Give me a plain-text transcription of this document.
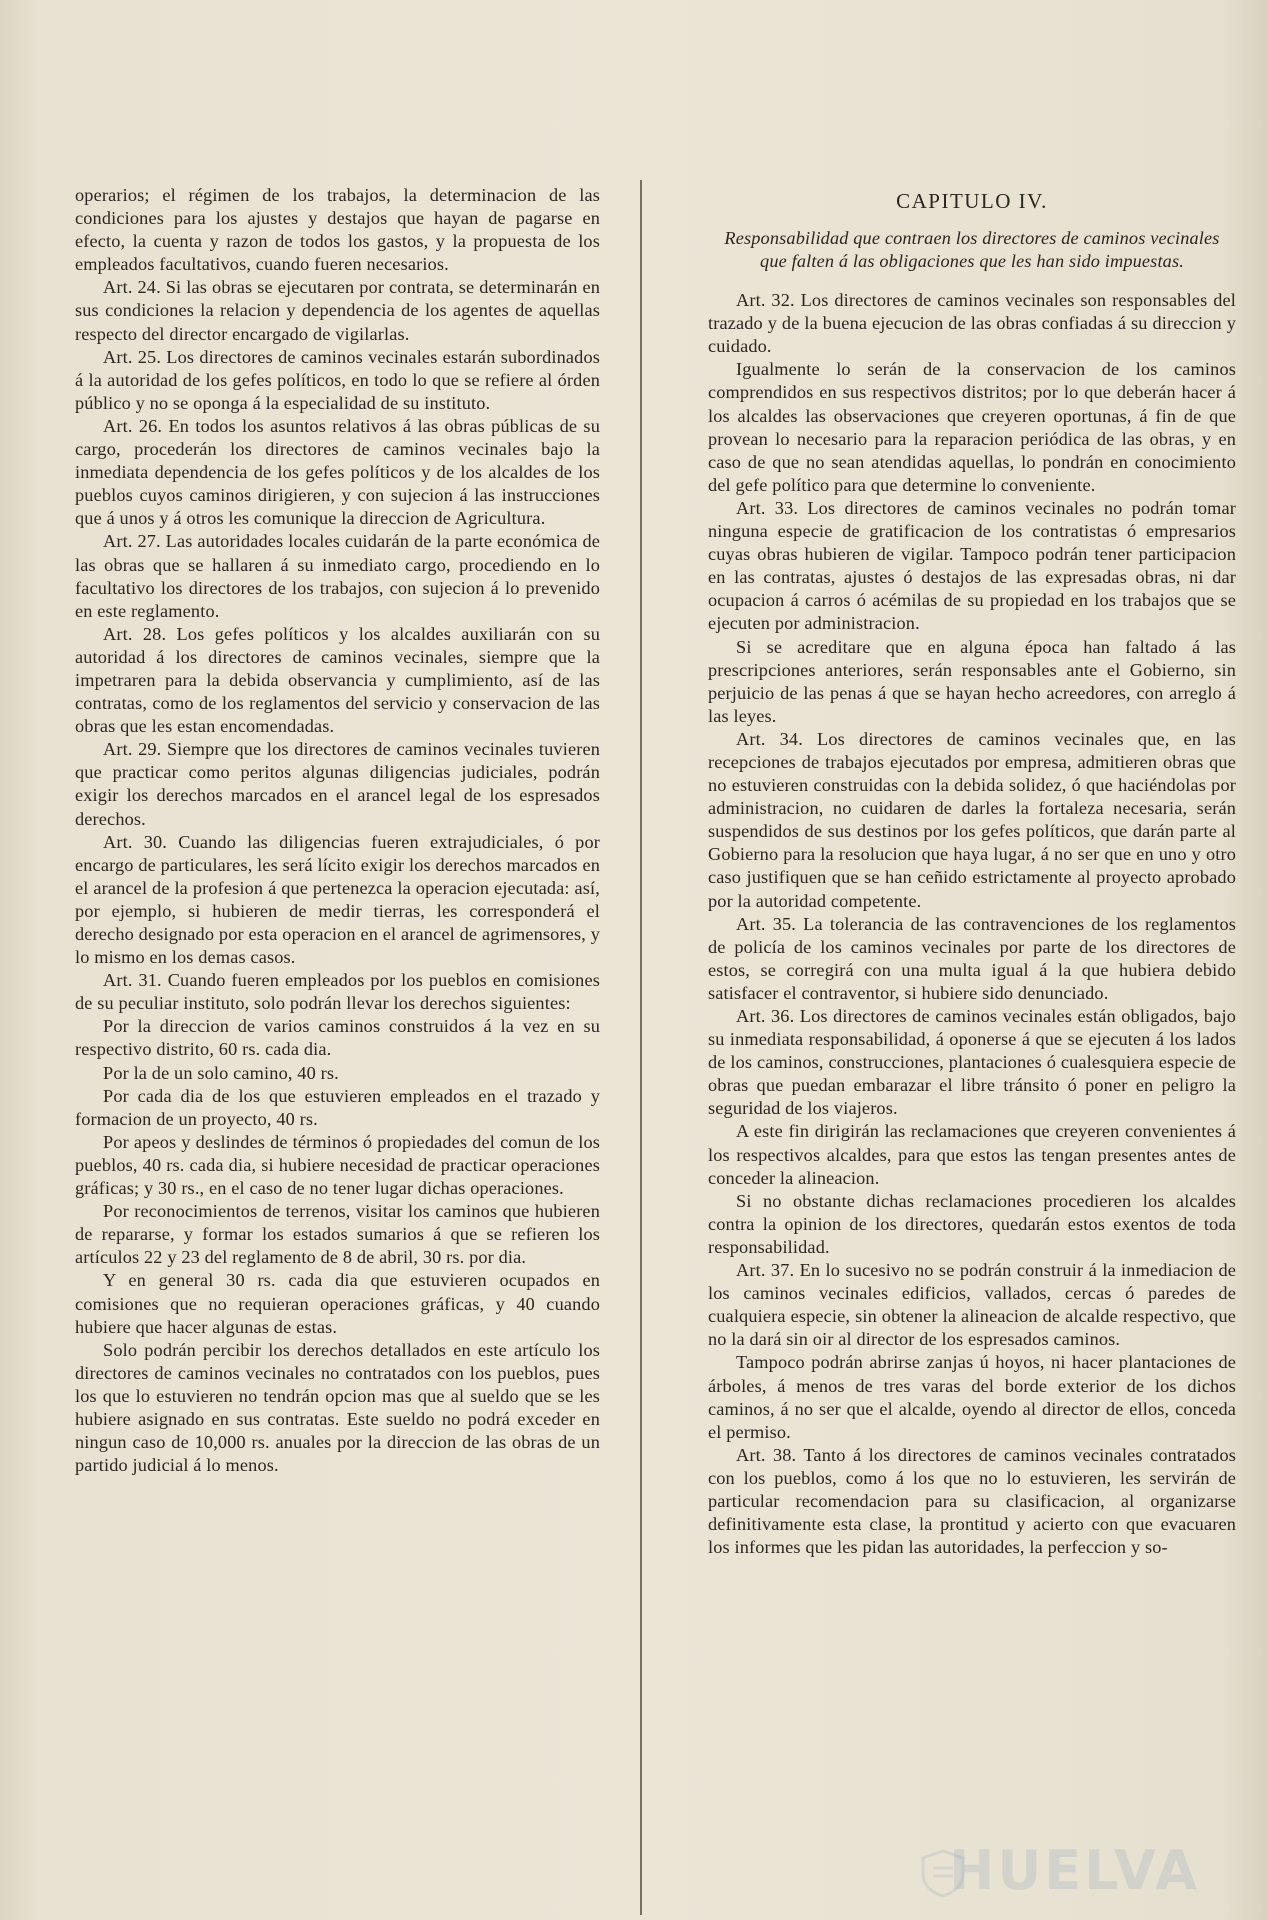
operarios; el régimen de los trabajos, la determinacion de las condiciones para los ajustes y destajos que hayan de pagarse en efecto, la cuenta y razon de todos los gastos, y la propuesta de los empleados facultativos, cuando fueren necesarios.

Art. 24. Si las obras se ejecutaren por contrata, se determinarán en sus condiciones la relacion y dependencia de los agentes de aquellas respecto del director encargado de vigilarlas.

Art. 25. Los directores de caminos vecinales estarán subordinados á la autoridad de los gefes políticos, en todo lo que se refiere al órden público y no se oponga á la especialidad de su instituto.

Art. 26. En todos los asuntos relativos á las obras públicas de su cargo, procederán los directores de caminos vecinales bajo la inmediata dependencia de los gefes políticos y de los alcaldes de los pueblos cuyos caminos dirigieren, y con sujecion á las instrucciones que á unos y á otros les comunique la direccion de Agricultura.

Art. 27. Las autoridades locales cuidarán de la parte económica de las obras que se hallaren á su inmediato cargo, procediendo en lo facultativo los directores de los trabajos, con sujecion á lo prevenido en este reglamento.

Art. 28. Los gefes políticos y los alcaldes auxiliarán con su autoridad á los directores de caminos vecinales, siempre que la impetraren para la debida observancia y cumplimiento, así de las contratas, como de los reglamentos del servicio y conservacion de las obras que les estan encomendadas.

Art. 29. Siempre que los directores de caminos vecinales tuvieren que practicar como peritos algunas diligencias judiciales, podrán exigir los derechos marcados en el arancel legal de los espresados derechos.

Art. 30. Cuando las diligencias fueren extrajudiciales, ó por encargo de particulares, les será lícito exigir los derechos marcados en el arancel de la profesion á que pertenezca la operacion ejecutada: así, por ejemplo, si hubieren de medir tierras, les corresponderá el derecho designado por esta operacion en el arancel de agrimensores, y lo mismo en los demas casos.

Art. 31. Cuando fueren empleados por los pueblos en comisiones de su peculiar instituto, solo podrán llevar los derechos siguientes:

Por la direccion de varios caminos construidos á la vez en su respectivo distrito, 60 rs. cada dia.

Por la de un solo camino, 40 rs.

Por cada dia de los que estuvieren empleados en el trazado y formacion de un proyecto, 40 rs.

Por apeos y deslindes de términos ó propiedades del comun de los pueblos, 40 rs. cada dia, si hubiere necesidad de practicar operaciones gráficas; y 30 rs., en el caso de no tener lugar dichas operaciones.

Por reconocimientos de terrenos, visitar los caminos que hubieren de repararse, y formar los estados sumarios á que se refieren los artículos 22 y 23 del reglamento de 8 de abril, 30 rs. por dia.

Y en general 30 rs. cada dia que estuvieren ocupados en comisiones que no requieran operaciones gráficas, y 40 cuando hubiere que hacer algunas de estas.

Solo podrán percibir los derechos detallados en este artículo los directores de caminos vecinales no contratados con los pueblos, pues los que lo estuvieren no tendrán opcion mas que al sueldo que se les hubiere asignado en sus contratas. Este sueldo no podrá exceder en ningun caso de 10,000 rs. anuales por la direccion de las obras de un partido judicial á lo menos.

CAPITULO IV.
Responsabilidad que contraen los directores de caminos vecinales que falten á las obligaciones que les han sido impuestas.

Art. 32. Los directores de caminos vecinales son responsables del trazado y de la buena ejecucion de las obras confiadas á su direccion y cuidado.

Igualmente lo serán de la conservacion de los caminos comprendidos en sus respectivos distritos; por lo que deberán hacer á los alcaldes las observaciones que creyeren oportunas, á fin de que provean lo necesario para la reparacion periódica de las obras, y en caso de que no sean atendidas aquellas, lo pondrán en conocimiento del gefe político para que determine lo conveniente.

Art. 33. Los directores de caminos vecinales no podrán tomar ninguna especie de gratificacion de los contratistas ó empresarios cuyas obras hubieren de vigilar. Tampoco podrán tener participacion en las contratas, ajustes ó destajos de las expresadas obras, ni dar ocupacion á carros ó acémilas de su propiedad en los trabajos que se ejecuten por administracion.

Si se acreditare que en alguna época han faltado á las prescripciones anteriores, serán responsables ante el Gobierno, sin perjuicio de las penas á que se hayan hecho acreedores, con arreglo á las leyes.

Art. 34. Los directores de caminos vecinales que, en las recepciones de trabajos ejecutados por empresa, admitieren obras que no estuvieren construidas con la debida solidez, ó que haciéndolas por administracion, no cuidaren de darles la fortaleza necesaria, serán suspendidos de sus destinos por los gefes políticos, que darán parte al Gobierno para la resolucion que haya lugar, á no ser que en uno y otro caso justifiquen que se han ceñido estrictamente al proyecto aprobado por la autoridad competente.

Art. 35. La tolerancia de las contravenciones de los reglamentos de policía de los caminos vecinales por parte de los directores de estos, se corregirá con una multa igual á la que hubiera debido satisfacer el contraventor, si hubiere sido denunciado.

Art. 36. Los directores de caminos vecinales están obligados, bajo su inmediata responsabilidad, á oponerse á que se ejecuten á los lados de los caminos, construcciones, plantaciones ó cualesquiera especie de obras que puedan embarazar el libre tránsito ó poner en peligro la seguridad de los viajeros.

A este fin dirigirán las reclamaciones que creyeren convenientes á los respectivos alcaldes, para que estos las tengan presentes antes de conceder la alineacion.

Si no obstante dichas reclamaciones procedieren los alcaldes contra la opinion de los directores, quedarán estos exentos de toda responsabilidad.

Art. 37. En lo sucesivo no se podrán construir á la inmediacion de los caminos vecinales edificios, vallados, cercas ó paredes de cualquiera especie, sin obtener la alineacion de alcalde respectivo, que no la dará sin oir al director de los espresados caminos.

Tampoco podrán abrirse zanjas ú hoyos, ni hacer plantaciones de árboles, á menos de tres varas del borde exterior de los dichos caminos, á no ser que el alcalde, oyendo al director de ellos, conceda el permiso.

Art. 38. Tanto á los directores de caminos vecinales contratados con los pueblos, como á los que no lo estuvieren, les servirán de particular recomendacion para su clasificacion, al organizarse definitivamente esta clase, la prontitud y acierto con que evacuaren los informes que les pidan las autoridades, la perfeccion y so-

HUELVA
